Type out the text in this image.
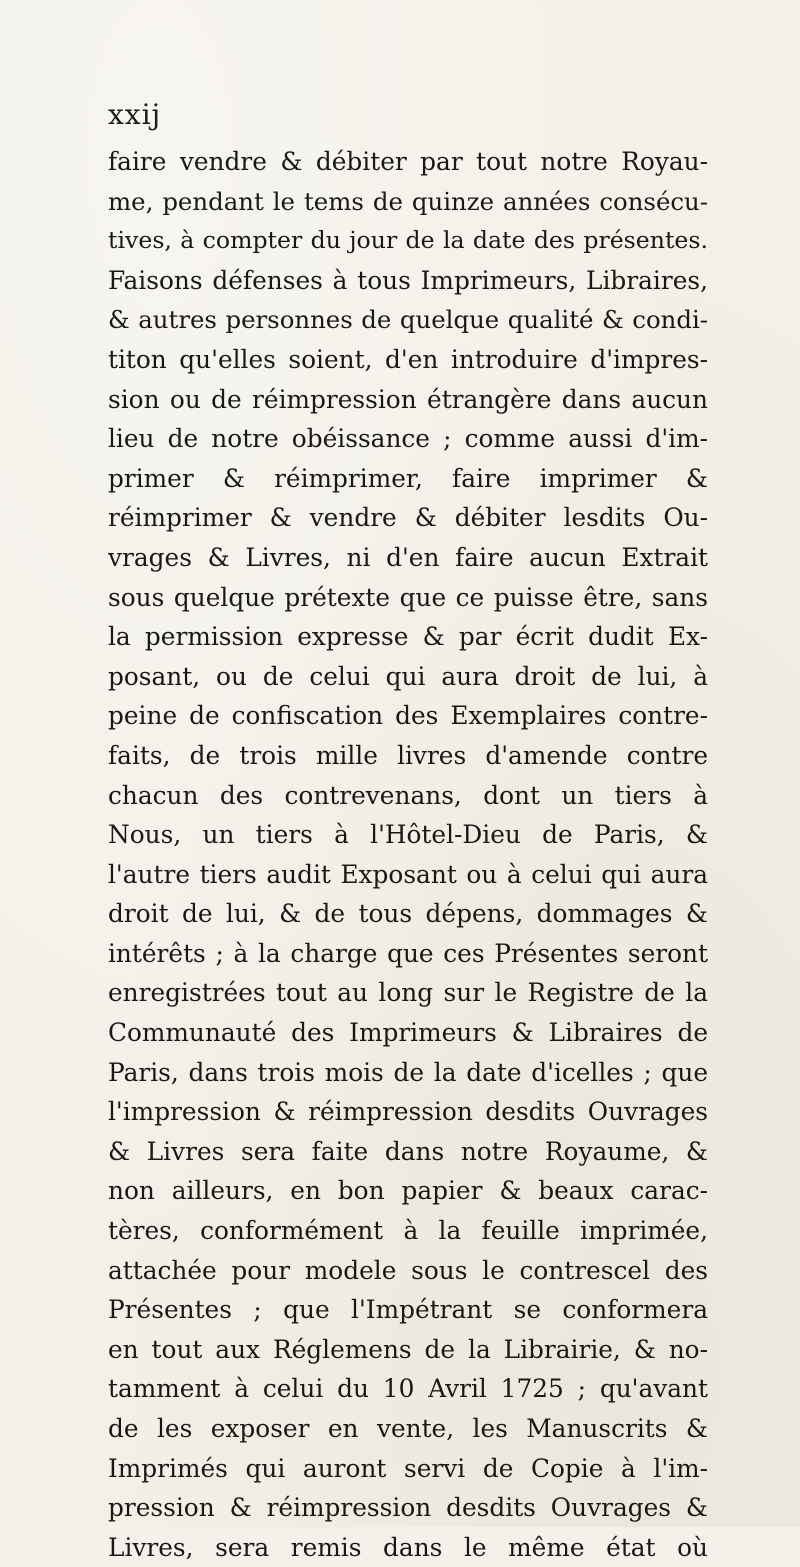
xxij
faire vendre & débiter par tout notre Royau-
me, pendant le tems de quinze années consécu-
tives, à compter du jour de la date des présentes.
Faisons défenses à tous Imprimeurs, Libraires,
& autres personnes de quelque qualité & condi-
titon qu'elles soient, d'en introduire d'impres-
sion ou de réimpression étrangère dans aucun
lieu de notre obéissance ; comme aussi d'im-
primer & réimprimer, faire imprimer &
réimprimer & vendre & débiter lesdits Ou-
vrages & Livres, ni d'en faire aucun Extrait
sous quelque prétexte que ce puisse être, sans
la permission expresse & par écrit dudit Ex-
posant, ou de celui qui aura droit de lui, à
peine de confiscation des Exemplaires contre-
faits, de trois mille livres d'amende contre
chacun des contrevenans, dont un tiers à
Nous, un tiers à l'Hôtel-Dieu de Paris, &
l'autre tiers audit Exposant ou à celui qui aura
droit de lui, & de tous dépens, dommages &
intérêts ; à la charge que ces Présentes seront
enregistrées tout au long sur le Registre de la
Communauté des Imprimeurs & Libraires de
Paris, dans trois mois de la date d'icelles ; que
l'impression & réimpression desdits Ouvrages
& Livres sera faite dans notre Royaume, &
non ailleurs, en bon papier & beaux carac-
tères, conformément à la feuille imprimée,
attachée pour modele sous le contrescel des
Présentes ; que l'Impétrant se conformera
en tout aux Réglemens de la Librairie, & no-
tamment à celui du 10 Avril 1725 ; qu'avant
de les exposer en vente, les Manuscrits &
Imprimés qui auront servi de Copie à l'im-
pression & réimpression desdits Ouvrages &
Livres, sera remis dans le même état où
